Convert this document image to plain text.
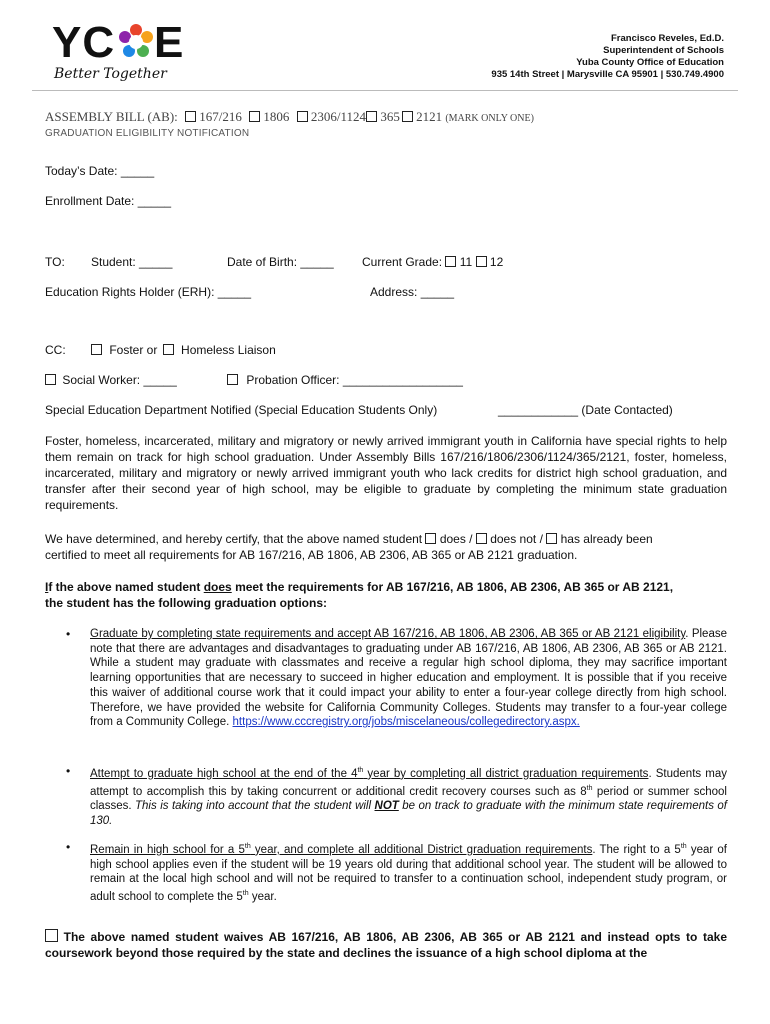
YC E
Better Together
Francisco Reveles, Ed.D.
Superintendent of Schools
Yuba County Office of Education
935 14th Street | Marysville CA 95901 | 530.749.4900
ASSEMBLY BILL (AB): 167/216 1806 2306/1124 365 2121 (MARK ONLY ONE)
GRADUATION ELIGIBILITY NOTIFICATION
Today’s Date: _____
Enrollment Date: _____
TO: Student: _____	Date of Birth: _____ Current Grade: 11 12
Education Rights Holder (ERH): _____	Address: _____
CC:	Foster or Homeless Liaison
Social Worker: _____	Probation Officer: __________________
Special Education Department Notified (Special Education Students Only)	____________ (Date Contacted)
Foster, homeless, incarcerated, military and migratory or newly arrived immigrant youth in California have special rights to help them remain on track for high school graduation. Under Assembly Bills 167/216/1806/2306/1124/365/2121, foster, homeless, incarcerated, military and migratory or newly arrived immigrant youth who lack credits for district high school graduation, and transfer after their second year of high school, may be eligible to graduate by completing the minimum state graduation requirements.
We have determined, and hereby certify, that the above named student does / does not / has already been
certified to meet all requirements for AB 167/216, AB 1806, AB 2306, AB 365 or AB 2121 graduation.
If the above named student does meet the requirements for AB 167/216, AB 1806, AB 2306, AB 365 or AB 2121,
the student has the following graduation options:
• Graduate by completing state requirements and accept AB 167/216, AB 1806, AB 2306, AB 365 or AB 2121 eligibility. Please note that there are advantages and disadvantages to graduating under AB 167/216, AB 1806, AB 2306, AB 365 or AB 2121. While a student may graduate with classmates and receive a regular high school diploma, they may sacrifice important learning opportunities that are necessary to succeed in higher education and employment. It is possible that if you receive this waiver of additional course work that it could impact your ability to enter a four-year college directly from high school. Therefore, we have provided the website for California Community Colleges. Students may transfer to a four-year college from a Community College. https://www.cccregistry.org/jobs/miscelaneous/collegedirectory.aspx.
• Attempt to graduate high school at the end of the 4th year by completing all district graduation requirements. Students may attempt to accomplish this by taking concurrent or additional credit recovery courses such as 8th period or summer school classes. This is taking into account that the student will NOT be on track to graduate with the minimum state requirements of 130.
• Remain in high school for a 5th year, and complete all additional District graduation requirements. The right to a 5th year of high school applies even if the student will be 19 years old during that additional school year. The student will be allowed to remain at the local high school and will not be required to transfer to a continuation school, independent study program, or adult school to complete the 5th year.
The above named student waives AB 167/216, AB 1806, AB 2306, AB 365 or AB 2121 and instead opts to take coursework beyond those required by the state and declines the issuance of a high school diploma at the
